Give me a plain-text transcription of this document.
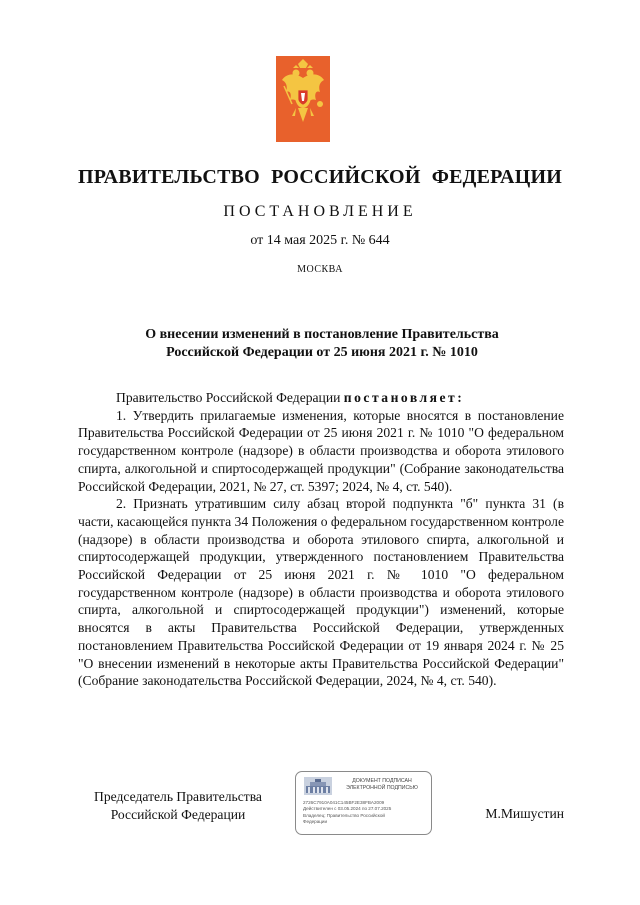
ПРАВИТЕЛЬСТВО РОССИЙСКОЙ ФЕДЕРАЦИИ
ПОСТАНОВЛЕНИЕ
от 14 мая 2025 г. № 644
МОСКВА
О внесении изменений в постановление Правительства
Российской Федерации от 25 июня 2021 г. № 1010

Правительство Российской Федерации постановляет:

1. Утвердить прилагаемые изменения, которые вносятся в постановление Правительства Российской Федерации от 25 июня 2021 г. № 1010 "О федеральном государственном контроле (надзоре) в области производства и оборота этилового спирта, алкогольной и спиртосодержащей продукции" (Собрание законодательства Российской Федерации, 2021, № 27, ст. 5397; 2024, № 4, ст. 540).

2. Признать утратившим силу абзац второй подпункта "б" пункта 31 (в части, касающейся пункта 34 Положения о федеральном государственном контроле (надзоре) в области производства и оборота этилового спирта, алкогольной и спиртосодержащей продукции, утвержденного постановлением Правительства Российской Федерации от 25 июня 2021 г. № 1010 "О федеральном государственном контроле (надзоре) в области производства и оборота этилового спирта, алкогольной и спиртосодержащей продукции") изменений, которые вносятся в акты Правительства Российской Федерации, утвержденных постановлением Правительства Российской Федерации от 19 января 2024 г. № 25 "О внесении изменений в некоторые акты Правительства Российской Федерации" (Собрание законодательства Российской Федерации, 2024, № 4, ст. 540).

Председатель Правительства
Российской Федерации
ДОКУМЕНТ ПОДПИСАН
ЭЛЕКТРОННОЙ ПОДПИСЬЮ
2726C7910A041C145BF2E38FBA2009
Действителен с 03.05.2024 по 27.07.2025
Владелец: Правительство Российской
Федерации
М.Мишустин
